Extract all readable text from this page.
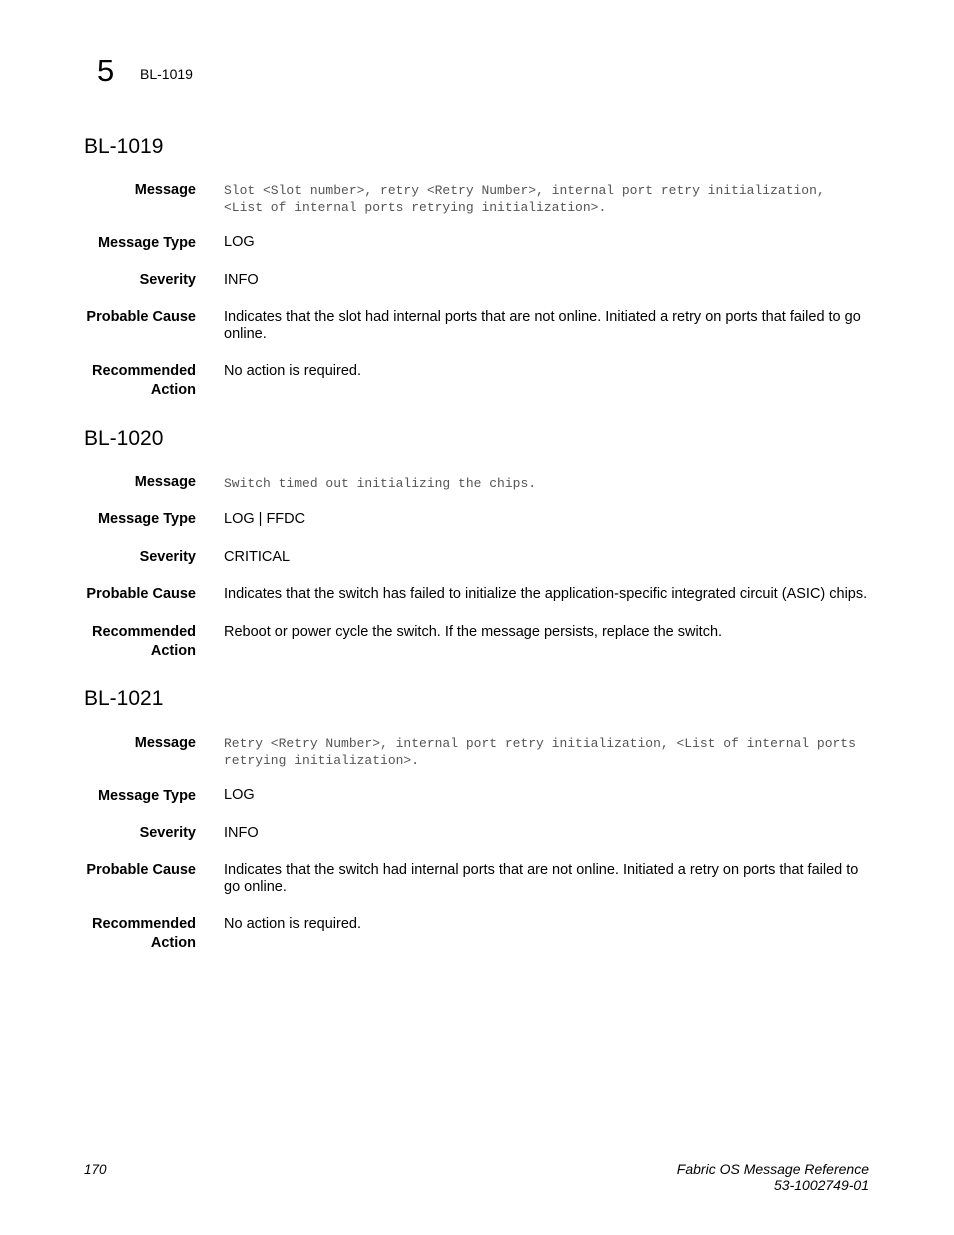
5 BL-1019
BL-1019
Message Slot <Slot number>, retry <Retry Number>, internal port retry initialization, <List of internal ports retrying initialization>.
Message Type LOG
Severity INFO
Probable Cause Indicates that the slot had internal ports that are not online. Initiated a retry on ports that failed to go online.
Recommended
Action
No action is required.
BL-1020
Message Switch timed out initializing the chips.
Message Type LOG | FFDC
Severity CRITICAL
Probable Cause Indicates that the switch has failed to initialize the application-specific integrated circuit (ASIC) chips.
Recommended
Action
Reboot or power cycle the switch. If the message persists, replace the switch.
BL-1021
Message Retry <Retry Number>, internal port retry initialization, <List of internal ports retrying initialization>.
Message Type LOG
Severity INFO
Probable Cause Indicates that the switch had internal ports that are not online. Initiated a retry on ports that failed to go online.
Recommended
Action
No action is required.
170	Fabric OS Message Reference
53-1002749-01
